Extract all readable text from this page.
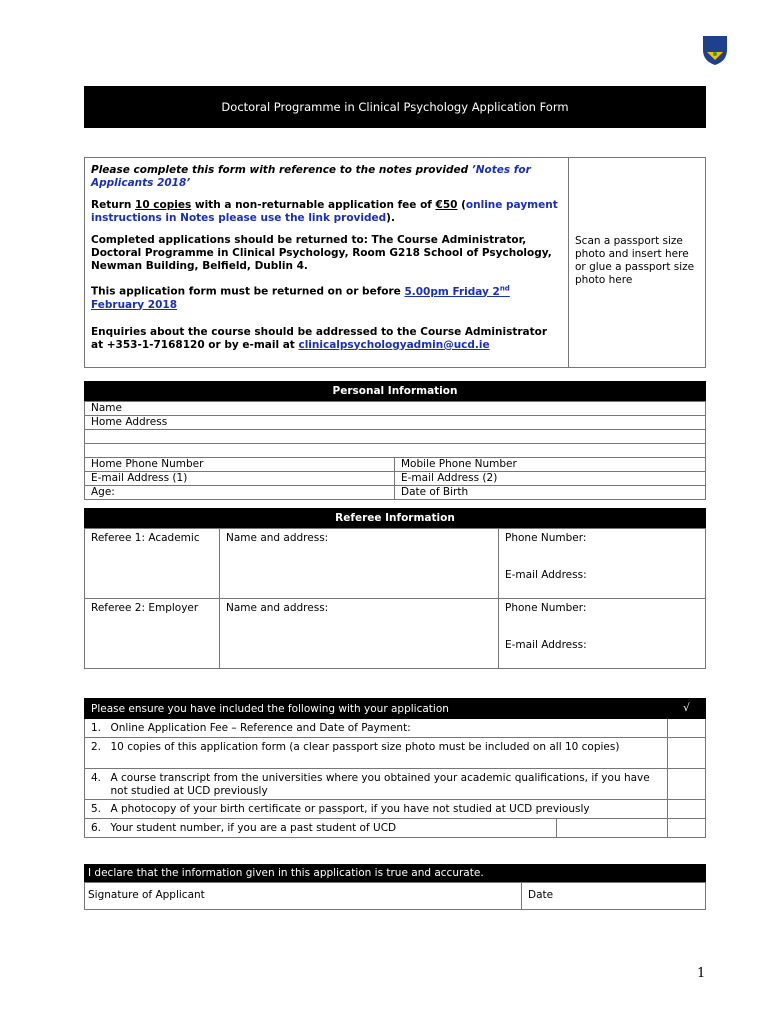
Doctoral Programme in Clinical Psychology Application Form

Please complete this form with reference to the notes provided ’Notes for Applicants 2018’

Return 10 copies with a non-returnable application fee of €50 (online payment instructions in Notes please use the link provided).

Completed applications should be returned to: The Course Administrator, Doctoral Programme in Clinical Psychology, Room G218 School of Psychology, Newman Building, Belfield, Dublin 4.

This application form must be returned on or before 5.00pm Friday 2nd February 2018

Enquiries about the course should be addressed to the Course Administrator at +353-1-7168120 or by e-mail at clinicalpsychologyadmin@ucd.ie

Scan a passport size photo and insert here or glue a passport size photo here
Personal Information
Name	
Home Address	

Home Phone Number	Mobile Phone Number
E-mail Address (1)	E-mail Address (2)
Age:	Date of Birth
Referee Information
Referee 1: Academic	Name and address:	Phone Number:
E-mail Address:

Referee 2: Employer	Name and address:	Phone Number:
E-mail Address:
Please ensure you have included the following with your application		√
1.	Online Application Fee – Reference and Date of Payment:	
2.	10 copies of this application form (a clear passport size photo must be included on all 10 copies)	
4.	A course transcript from the universities where you obtained your academic qualifications, if you have not studied at UCD previously	
5.	A photocopy of your birth certificate or passport, if you have not studied at UCD previously	
6.	Your student number, if you are a past student of UCD	

I declare that the information given in this application is true and accurate.
Signature of Applicant	Date
1
